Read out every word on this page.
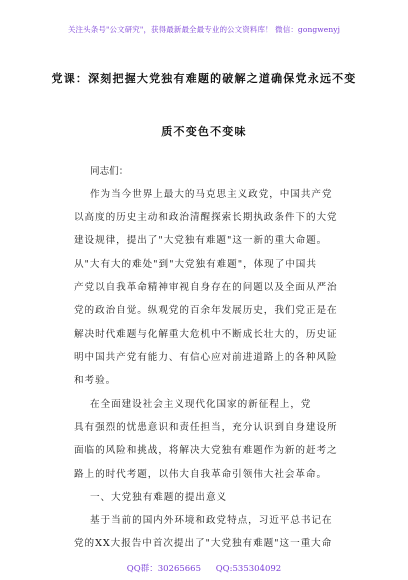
关注头条号"公文研究"，获得最新最全最专业的公文资料库！ 微信：gongwenyj
党课：深刻把握大党独有难题的破解之道确保党永远不变
质不变色不变味
同志们：
作为当今世界上最大的马克思主义政党，中国共产党
以高度的历史主动和政治清醒探索长期执政条件下的大党
建设规律，提出了"大党独有难题"这一新的重大命题。
从"大有大的难处"到"大党独有难题"，体现了中国共
产党以自我革命精神审视自身存在的问题以及全面从严治
党的政治自觉。纵观党的百余年发展历史，我们党正是在
解决时代难题与化解重大危机中不断成长壮大的，历史证
明中国共产党有能力、有信心应对前进道路上的各种风险
和考验。
在全面建设社会主义现代化国家的新征程上，党
具有强烈的忧患意识和责任担当，充分认识到自身建设所
面临的风险和挑战，将解决大党独有难题作为新的赶考之
路上的时代考题，以伟大自我革命引领伟大社会革命。
一、大党独有难题的提出意义
基于当前的国内外环境和政党特点，习近平总书记在
党的XX大报告中首次提出了"大党独有难题"这一重大命
QQ群：30265665 QQ:535304092
